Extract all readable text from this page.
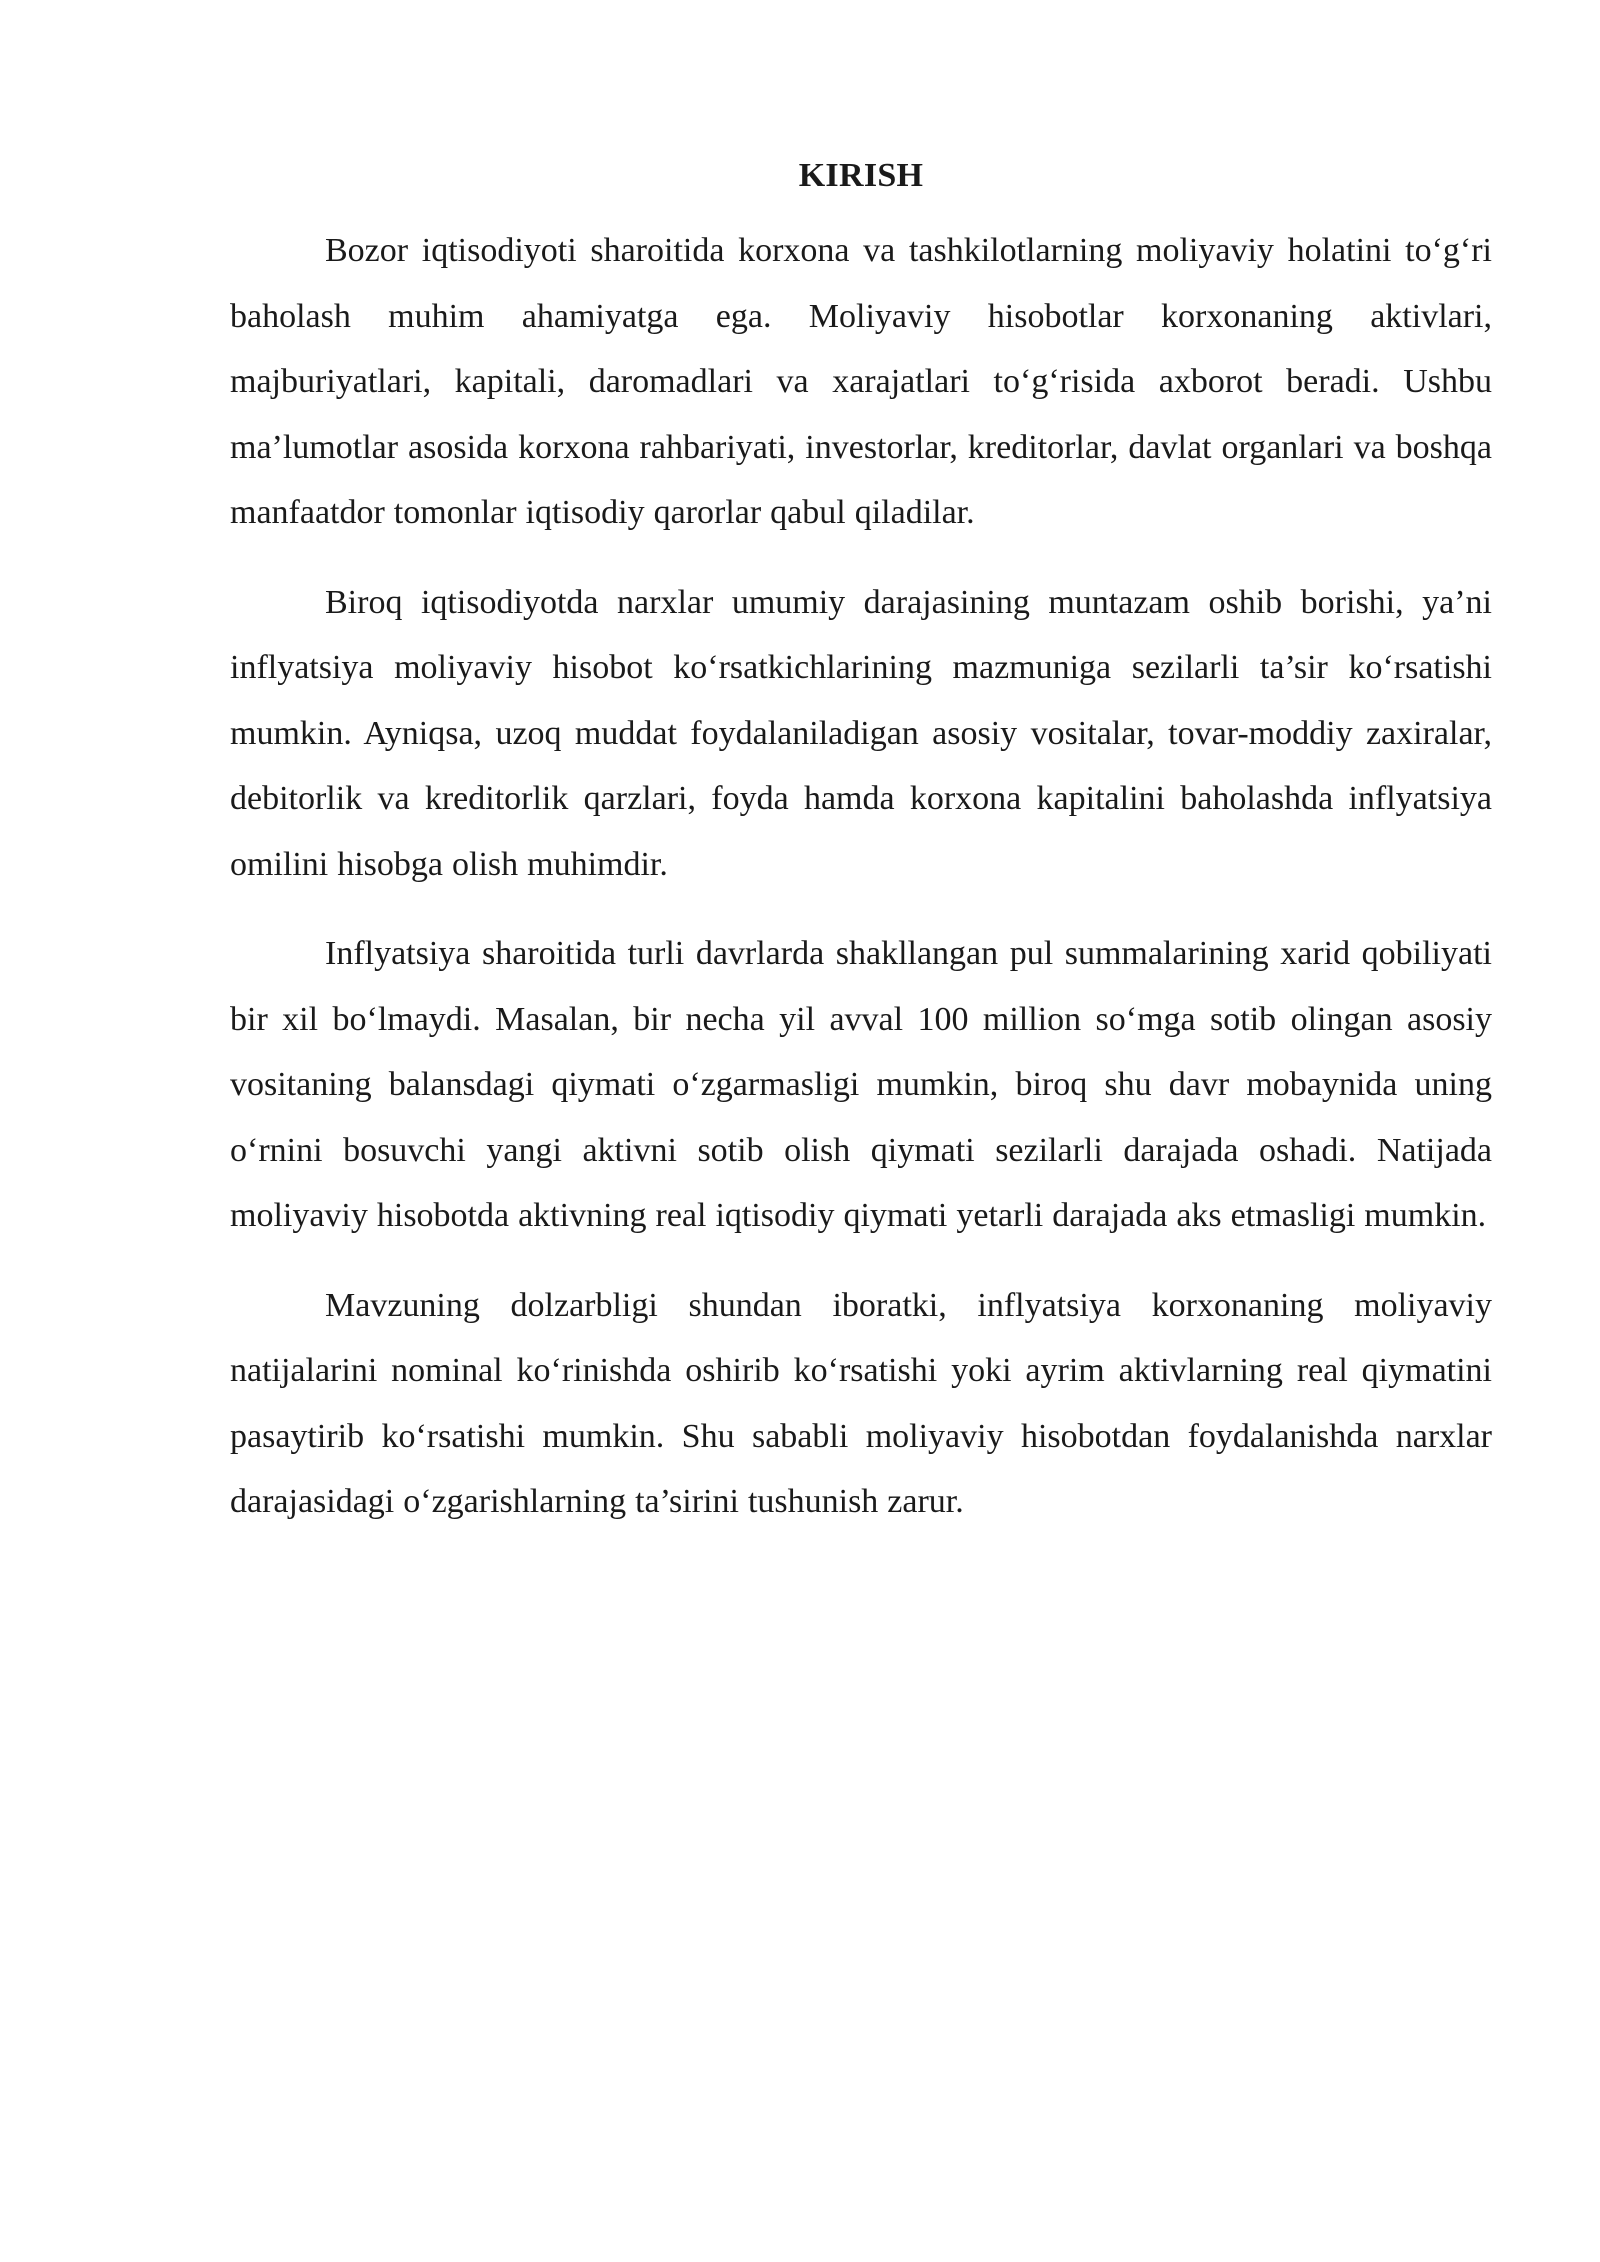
KIRISH

Bozor iqtisodiyoti sharoitida korxona va tashkilotlarning moliyaviy holatini to‘g‘ri baholash muhim ahamiyatga ega. Moliyaviy hisobotlar korxonaning aktivlari, majburiyatlari, kapitali, daromadlari va xarajatlari to‘g‘risida axborot beradi. Ushbu ma’lumotlar asosida korxona rahbariyati, investorlar, kreditorlar, davlat organlari va boshqa manfaatdor tomonlar iqtisodiy qarorlar qabul qiladilar.

Biroq iqtisodiyotda narxlar umumiy darajasining muntazam oshib borishi, ya’ni inflyatsiya moliyaviy hisobot ko‘rsatkichlarining mazmuniga sezilarli ta’sir ko‘rsatishi mumkin. Ayniqsa, uzoq muddat foydalaniladigan asosiy vositalar, tovar-moddiy zaxiralar, debitorlik va kreditorlik qarzlari, foyda hamda korxona kapitalini baholashda inflyatsiya omilini hisobga olish muhimdir.

Inflyatsiya sharoitida turli davrlarda shakllangan pul summalarining xarid qobiliyati bir xil bo‘lmaydi. Masalan, bir necha yil avval 100 million so‘mga sotib olingan asosiy vositaning balansdagi qiymati o‘zgarmasligi mumkin, biroq shu davr mobaynida uning o‘rnini bosuvchi yangi aktivni sotib olish qiymati sezilarli darajada oshadi. Natijada moliyaviy hisobotda aktivning real iqtisodiy qiymati yetarli darajada aks etmasligi mumkin.

Mavzuning dolzarbligi shundan iboratki, inflyatsiya korxonaning moliyaviy natijalarini nominal ko‘rinishda oshirib ko‘rsatishi yoki ayrim aktivlarning real qiymatini pasaytirib ko‘rsatishi mumkin. Shu sababli moliyaviy hisobotdan foydalanishda narxlar darajasidagi o‘zgarishlarning ta’sirini tushunish zarur.
